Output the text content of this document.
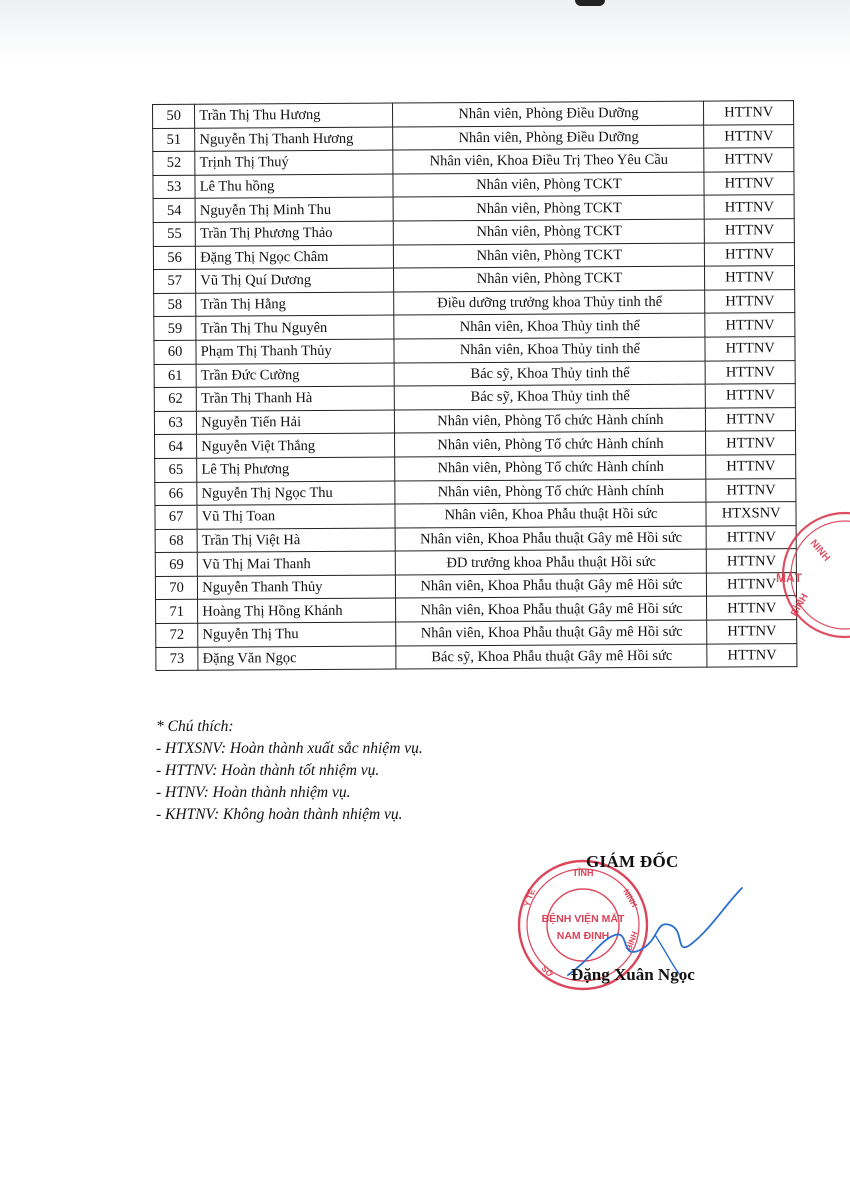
50	Trần Thị Thu Hương	Nhân viên, Phòng Điều Dưỡng	HTTNV
51	Nguyễn Thị Thanh Hương	Nhân viên, Phòng Điều Dưỡng	HTTNV
52	Trịnh Thị Thuý	Nhân viên, Khoa Điều Trị Theo Yêu Cầu	HTTNV
53	Lê Thu hồng	Nhân viên, Phòng TCKT	HTTNV
54	Nguyễn Thị Minh Thu	Nhân viên, Phòng TCKT	HTTNV
55	Trần Thị Phương Thảo	Nhân viên, Phòng TCKT	HTTNV
56	Đặng Thị Ngọc Châm	Nhân viên, Phòng TCKT	HTTNV
57	Vũ Thị Quí Dương	Nhân viên, Phòng TCKT	HTTNV
58	Trần Thị Hằng	Điều dưỡng trưởng khoa Thủy tinh thể	HTTNV
59	Trần Thị Thu Nguyên	Nhân viên, Khoa Thủy tinh thể	HTTNV
60	Phạm Thị Thanh Thủy	Nhân viên, Khoa Thủy tinh thể	HTTNV
61	Trần Đức Cường	Bác sỹ, Khoa Thủy tinh thể	HTTNV
62	Trần Thị Thanh Hà	Bác sỹ, Khoa Thủy tinh thể	HTTNV
63	Nguyễn Tiến Hải	Nhân viên, Phòng Tổ chức Hành chính	HTTNV
64	Nguyễn Việt Thắng	Nhân viên, Phòng Tổ chức Hành chính	HTTNV
65	Lê Thị Phương	Nhân viên, Phòng Tổ chức Hành chính	HTTNV
66	Nguyễn Thị Ngọc Thu	Nhân viên, Phòng Tổ chức Hành chính	HTTNV
67	Vũ Thị Toan	Nhân viên, Khoa Phẫu thuật Hồi sức	HTXSNV
68	Trần Thị Việt Hà	Nhân viên, Khoa Phẫu thuật Gây mê Hồi sức	HTTNV
69	Vũ Thị Mai Thanh	ĐD trưởng khoa Phẫu thuật Hồi sức	HTTNV
70	Nguyễn Thanh Thủy	Nhân viên, Khoa Phẫu thuật Gây mê Hồi sức	HTTNV
71	Hoàng Thị Hồng Khánh	Nhân viên, Khoa Phẫu thuật Gây mê Hồi sức	HTTNV
72	Nguyễn Thị Thu	Nhân viên, Khoa Phẫu thuật Gây mê Hồi sức	HTTNV
73	Đặng Văn Ngọc	Bác sỹ, Khoa Phẫu thuật Gây mê Hồi sức	HTTNV
* Chú thích:
- HTXSNV: Hoàn thành xuất sắc nhiệm vụ.
- HTTNV: Hoàn thành tốt nhiệm vụ.
- HTNV: Hoàn thành nhiệm vụ.
- KHTNV: Không hoàn thành nhiệm vụ.
NINH
MẮT
BÌNH
BỆNH VIỆN MẮT
NAM ĐỊNH
TỈNH
NINH
Y TẾ
SỞ
BÌNH
GIÁM ĐỐC
Đặng Xuân Ngọc
